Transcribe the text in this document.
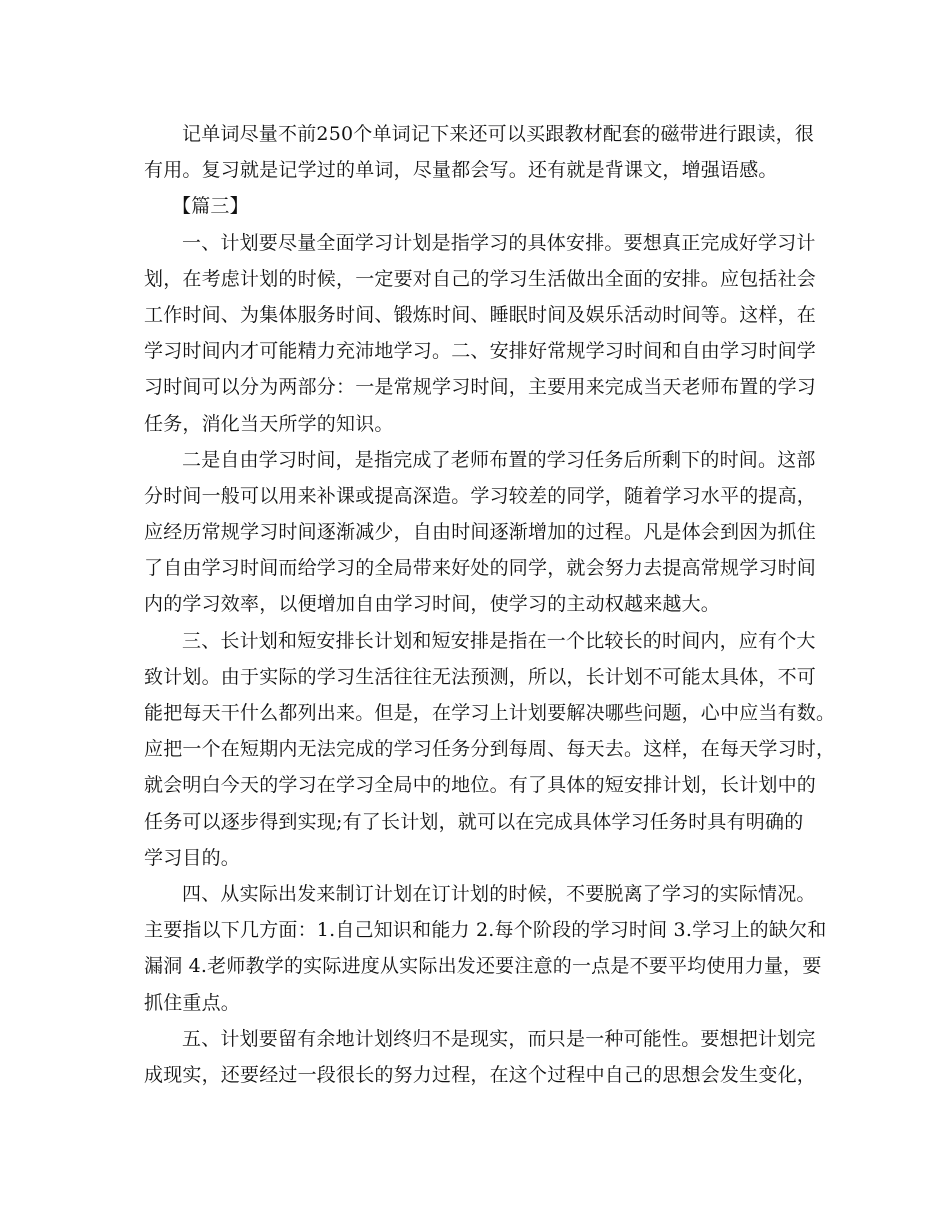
记单词尽量不前250个单词记下来还可以买跟教材配套的磁带进行跟读，很
有用。复习就是记学过的单词，尽量都会写。还有就是背课文，增强语感。
【篇三】
一、计划要尽量全面学习计划是指学习的具体安排。要想真正完成好学习计
划，在考虑计划的时候，一定要对自己的学习生活做出全面的安排。应包括社会
工作时间、为集体服务时间、锻炼时间、睡眠时间及娱乐活动时间等。这样，在
学习时间内才可能精力充沛地学习。二、安排好常规学习时间和自由学习时间学
习时间可以分为两部分：一是常规学习时间，主要用来完成当天老师布置的学习
任务，消化当天所学的知识。
二是自由学习时间，是指完成了老师布置的学习任务后所剩下的时间。这部
分时间一般可以用来补课或提高深造。学习较差的同学，随着学习水平的提高，
应经历常规学习时间逐渐减少，自由时间逐渐增加的过程。凡是体会到因为抓住
了自由学习时间而给学习的全局带来好处的同学，就会努力去提高常规学习时间
内的学习效率，以便增加自由学习时间，使学习的主动权越来越大。
三、长计划和短安排长计划和短安排是指在一个比较长的时间内，应有个大
致计划。由于实际的学习生活往往无法预测，所以，长计划不可能太具体，不可
能把每天干什么都列出来。但是，在学习上计划要解决哪些问题，心中应当有数。
应把一个在短期内无法完成的学习任务分到每周、每天去。这样，在每天学习时，
就会明白今天的学习在学习全局中的地位。有了具体的短安排计划，长计划中的
任务可以逐步得到实现;有了长计划，就可以在完成具体学习任务时具有明确的
学习目的。
四、从实际出发来制订计划在订计划的时候，不要脱离了学习的实际情况。
主要指以下几方面：1.自己知识和能力 2.每个阶段的学习时间 3.学习上的缺欠和
漏洞 4.老师教学的实际进度从实际出发还要注意的一点是不要平均使用力量，要
抓住重点。
五、计划要留有余地计划终归不是现实，而只是一种可能性。要想把计划完
成现实，还要经过一段很长的努力过程，在这个过程中自己的思想会发生变化，
